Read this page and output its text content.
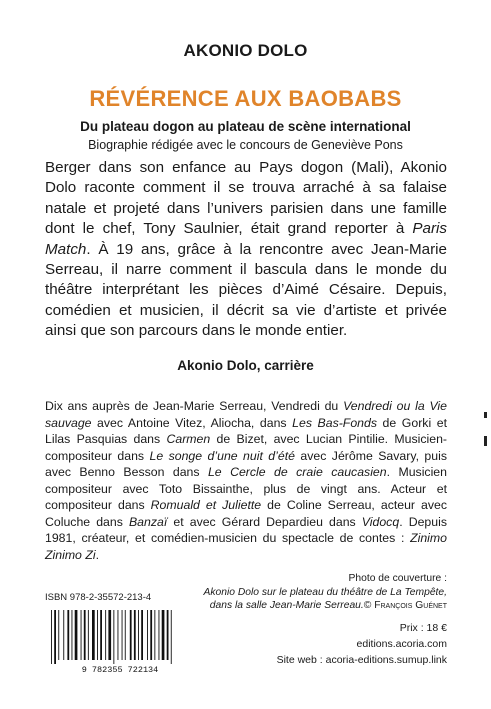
AKONIO DOLO
RÉVÉRENCE AUX BAOBABS
Du plateau dogon au plateau de scène international
Biographie rédigée avec le concours de Geneviève Pons
Berger dans son enfance au Pays dogon (Mali), Akonio Dolo raconte comment il se trouva arraché à sa falaise natale et projeté dans l’univers parisien dans une famille dont le chef, Tony Saulnier, était grand reporter à Paris Match. À 19 ans, grâce à la rencontre avec Jean-Marie Serreau, il narre comment il bascula dans le monde du théâtre interprétant les pièces d’Aimé Césaire. Depuis, comédien et musicien, il décrit sa vie d’artiste et privée ainsi que son parcours dans le monde entier.
Akonio Dolo, carrière
Dix ans auprès de Jean-Marie Serreau, Vendredi du Vendredi ou la Vie sauvage avec Antoine Vitez, Aliocha, dans Les Bas-Fonds de Gorki et Lilas Pasquias dans Carmen de Bizet, avec Lucian Pintilie. Musicien-compositeur dans Le songe d’une nuit d’été avec Jérôme Savary, puis avec Benno Besson dans Le Cercle de craie caucasien. Musicien compositeur avec Toto Bissainthe, plus de vingt ans. Acteur et compositeur dans Romuald et Juliette de Coline Serreau, acteur avec Coluche dans Banzaï et avec Gérard Depardieu dans Vidocq. Depuis 1981, créateur, et comédien-musicien du spectacle de contes : Zinimo Zinimo Zi.
Photo de couverture :
Akonio Dolo sur le plateau du théâtre de La Tempête,
dans la salle Jean-Marie Serreau.© François Guénet
ISBN 978-2-35572-213-4
9 782355 722134
Prix : 18 €
editions.acoria.com
Site web : acoria-editions.sumup.link
